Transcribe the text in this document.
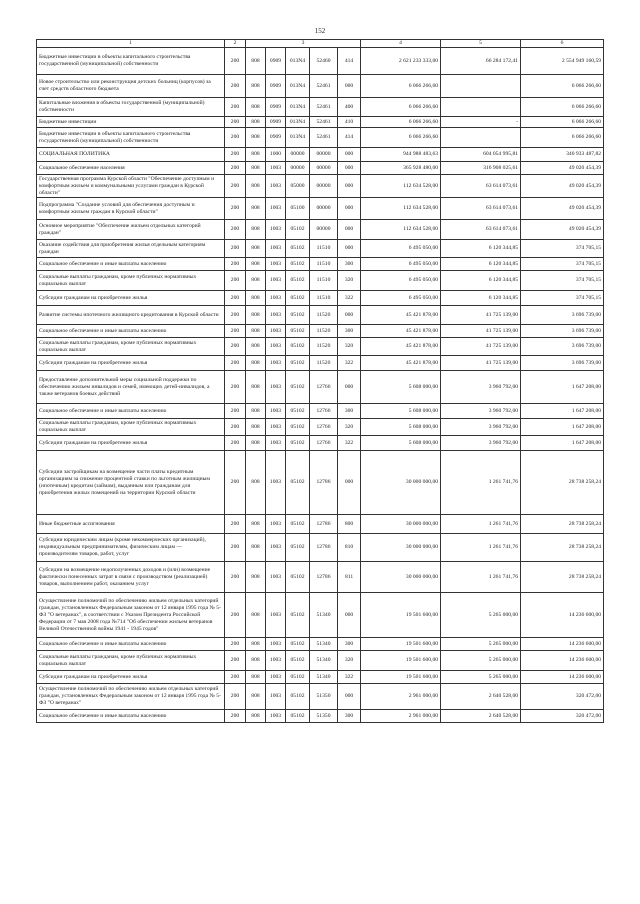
152
1	2	3					4	5	6
Бюджетные инвестиции в объекты капитального строительства государственной (муниципальной) собственности	200	808	0909	013N4	52460	414	2 621 233 333,00	66 284 172,41	2 554 949 160,59
Новое строительство или реконструкция детских больниц (корпусов) за счет средств областного бюджета	200	808	0909	013N4	52461	000	6 066 266,60		6 066 266,60
Капитальные вложения в объекты государственной (муниципальной) собственности	200	808	0909	013N4	52461	400	6 066 266,60		6 066 266,60
Бюджетные инвестиции	200	808	0909	013N4	52461	410	6 066 266,60	-	6 066 266,60
Бюджетные инвестиции в объекты капитального строительства государственной (муниципальной) собственности	200	808	0909	013N4	52461	414	6 066 266,60		6 066 266,60
СОЦИАЛЬНАЯ ПОЛИТИКА	200	808	1000	00000	00000	000	944 988 483,63	604 054 995,81	340 933 487,82
Социальное обеспечение населения	200	808	1003	00000	00000	000	365 928 480,00	316 908 025,61	49 020 454,39
Государственная программа Курской области "Обеспечение доступным и комфортным жильем и коммунальными услугами граждан в Курской области"	200	808	1003	05000	00000	000	112 634 528,00	63 614 073,61	49 020 454,39
Подпрограмма "Создание условий для обеспечения доступным и комфортным жильем граждан в Курской области"	200	808	1003	05100	00000	000	112 634 528,00	63 614 073,61	49 020 454,39
Основное мероприятие "Обеспечение жильем отдельных категорий граждан"	200	808	1003	05102	00000	000	112 634 528,00	63 614 073,61	49 020 454,39
Оказание содействия для приобретения жилья отдельным категориям граждан	200	808	1003	05102	11510	000	6 495 050,00	6 120 344,85	374 705,15
Социальное обеспечение и иные выплаты населению	200	808	1003	05102	11510	300	6 495 050,00	6 120 344,85	374 705,15
Социальные выплаты гражданам, кроме публичных нормативных социальных выплат	200	808	1003	05102	11510	320	6 495 050,00	6 120 344,85	374 705,15
Субсидии гражданам на приобретение жилья	200	808	1003	05102	11510	322	6 495 050,00	6 120 344,85	374 705,15
Развитие системы ипотечного жилищного кредитования в Курской области	200	808	1003	05102	11520	000	45 421 878,00	41 725 139,00	3 696 739,00
Социальное обеспечение и иные выплаты населению	200	808	1003	05102	11520	300	45 421 878,00	41 725 139,00	3 696 739,00
Социальные выплаты гражданам, кроме публичных нормативных социальных выплат	200	808	1003	05102	11520	320	45 421 878,00	41 725 139,00	3 696 739,00
Субсидии гражданам на приобретение жилья	200	808	1003	05102	11520	322	45 421 878,00	41 725 139,00	3 696 739,00
Предоставление дополнительной меры социальной поддержки по обеспечению жильем инвалидов и семей, имеющих детей-инвалидов, а также ветеранов боевых действий	200	808	1003	05102	12766	000	5 608 000,00	3 960 792,00	1 647 208,00
Социальное обеспечение и иные выплаты населению	200	808	1003	05102	12766	300	5 608 000,00	3 960 792,00	1 647 208,00
Социальные выплаты гражданам, кроме публичных нормативных социальных выплат	200	808	1003	05102	12766	320	5 608 000,00	3 960 792,00	1 647 208,00
Субсидии гражданам на приобретение жилья	200	808	1003	05102	12766	322	5 608 000,00	3 960 792,00	1 647 208,00
Субсидии застройщикам на возмещение части платы кредитным организациям за снижение процентной ставки по льготным жилищным (ипотечным) кредитам (займам), выданным или гражданам для приобретения жилых помещений на территории Курской области	200	808	1003	05102	12786	000	30 000 000,00	1 261 741,76	28 738 258,24
Иные бюджетные ассигнования	200	808	1003	05102	12786	800	30 000 000,00	1 261 741,76	28 738 258,24
Субсидии юридическим лицам (кроме некоммерческих организаций), индивидуальным предпринимателям, физическим лицам — производителям товаров, работ, услуг	200	808	1003	05102	12786	810	30 000 000,00	1 261 741,76	28 738 258,24
Субсидии на возмещение недополученных доходов и (или) возмещение фактически понесенных затрат в связи с производством (реализацией) товаров, выполнением работ, оказанием услуг	200	808	1003	05102	12786	811	30 000 000,00	1 261 741,76	28 738 258,24
Осуществление полномочий по обеспечению жильем отдельных категорий граждан, установленных Федеральным законом от 12 января 1995 года № 5-ФЗ "О ветеранах", в соответствии с Указом Президента Российской Федерации от 7 мая 2008 года №714 "Об обеспечении жильем ветеранов Великой Отечественной войны 1941 - 1945 годов"	200	808	1003	05102	51340	000	19 501 600,00	5 265 000,00	14 236 600,00
Социальное обеспечение и иные выплаты населению	200	808	1003	05102	51340	300	19 501 600,00	5 265 000,00	14 236 600,00
Социальные выплаты гражданам, кроме публичных нормативных социальных выплат	200	808	1003	05102	51340	320	19 501 600,00	5 265 000,00	14 236 600,00
Субсидии гражданам на приобретение жилья	200	808	1003	05102	51340	322	19 501 600,00	5 265 000,00	14 236 600,00
Осуществление полномочий по обеспечению жильем отдельных категорий граждан, установленных Федеральным законом от 12 января 1995 года № 5-ФЗ "О ветеранах"	200	808	1003	05102	51350	000	2 961 000,00	2 640 528,00	320 472,00
Социальное обеспечение и иные выплаты населению	200	808	1003	05102	51350	300	2 961 000,00	2 640 528,00	320 472,00
